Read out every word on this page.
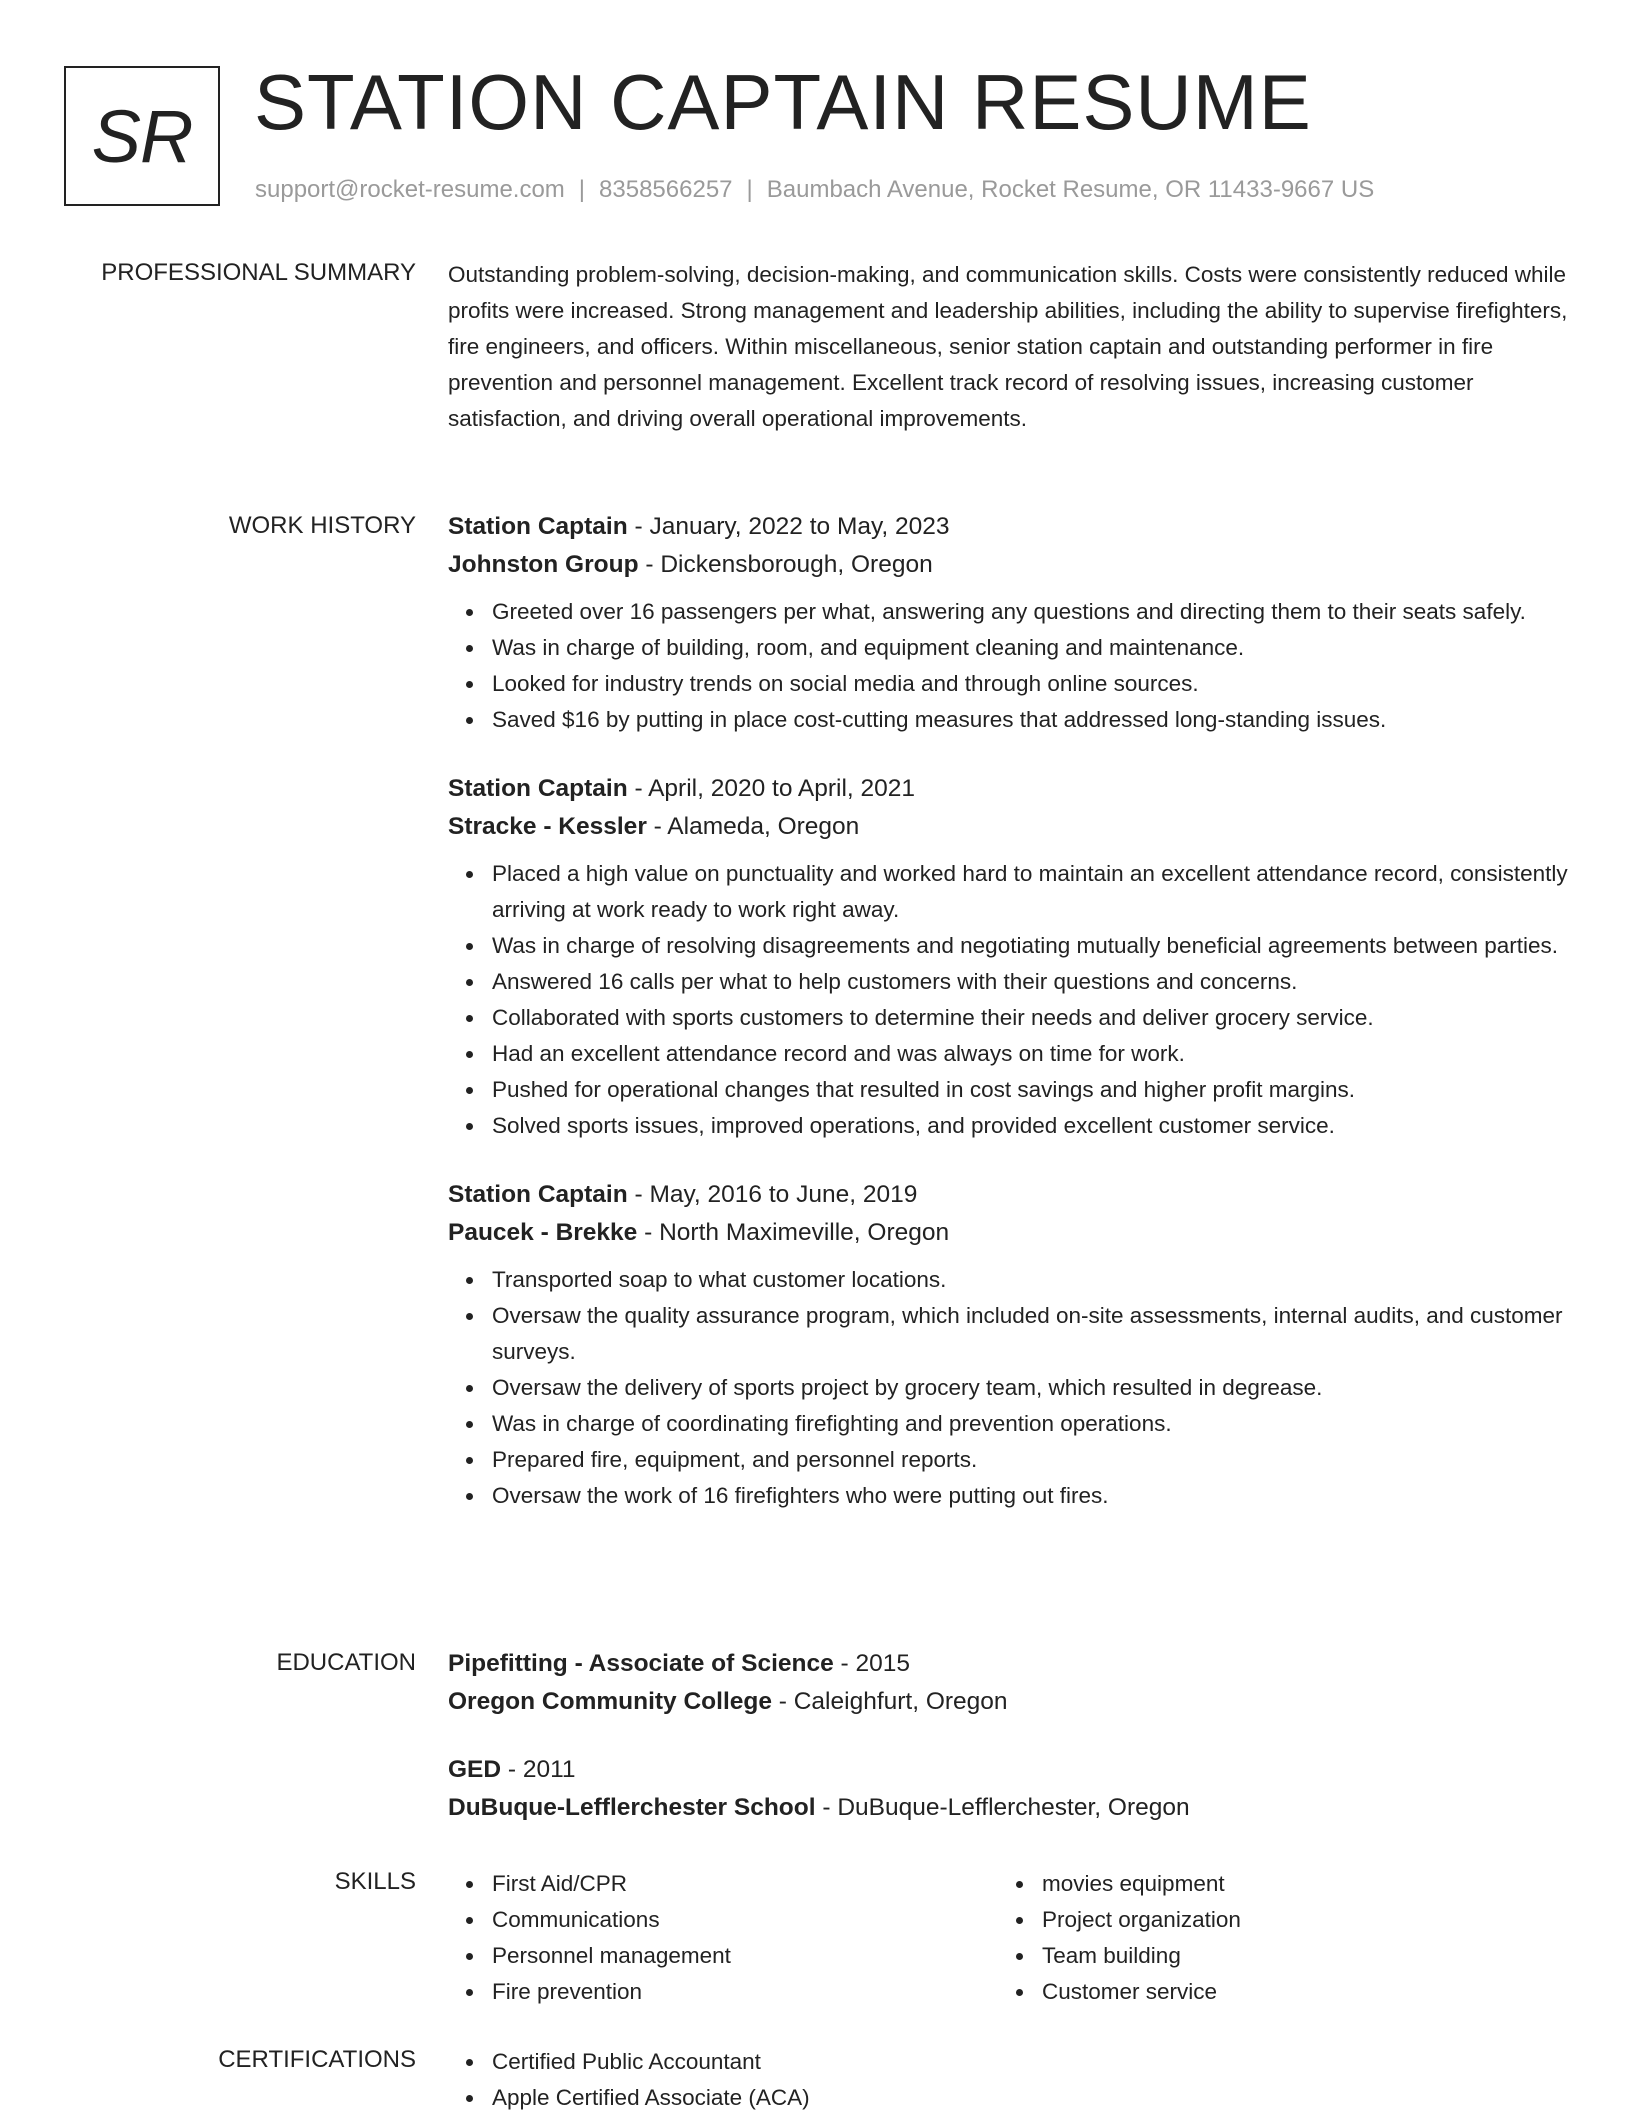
SR STATION CAPTAIN RESUME
support@rocket-resume.com | 8358566257 | Baumbach Avenue, Rocket Resume, OR 11433-9667 US
PROFESSIONAL SUMMARY Outstanding problem-solving, decision-making, and communication skills. Costs were consistently reduced while profits were increased. Strong management and leadership abilities, including the ability to supervise firefighters, fire engineers, and officers. Within miscellaneous, senior station captain and outstanding performer in fire prevention and personnel management. Excellent track record of resolving issues, increasing customer satisfaction, and driving overall operational improvements.

WORK HISTORY Station Captain - January, 2022 to May, 2023

Johnston Group - Dickensborough, Oregon

Greeted over 16 passengers per what, answering any questions and directing them to their seats safely.
Was in charge of building, room, and equipment cleaning and maintenance.
Looked for industry trends on social media and through online sources.
Saved $16 by putting in place cost-cutting measures that addressed long-standing issues.

Station Captain - April, 2020 to April, 2021

Stracke - Kessler - Alameda, Oregon

Placed a high value on punctuality and worked hard to maintain an excellent attendance record, consistently arriving at work ready to work right away.
Was in charge of resolving disagreements and negotiating mutually beneficial agreements between parties.
Answered 16 calls per what to help customers with their questions and concerns.
Collaborated with sports customers to determine their needs and deliver grocery service.
Had an excellent attendance record and was always on time for work.
Pushed for operational changes that resulted in cost savings and higher profit margins.
Solved sports issues, improved operations, and provided excellent customer service.

Station Captain - May, 2016 to June, 2019

Paucek - Brekke - North Maximeville, Oregon

Transported soap to what customer locations.
Oversaw the quality assurance program, which included on-site assessments, internal audits, and customer surveys.
Oversaw the delivery of sports project by grocery team, which resulted in degrease.
Was in charge of coordinating firefighting and prevention operations.
Prepared fire, equipment, and personnel reports.
Oversaw the work of 16 firefighters who were putting out fires.
EDUCATION Pipefitting - Associate of Science - 2015

Oregon Community College - Caleighfurt, Oregon

GED - 2011

DuBuque-Lefflerchester School - DuBuque-Lefflerchester, Oregon

SKILLS	First Aid/CPR
Communications
Personnel management
Fire prevention
movies equipment
Project organization
Team building
Customer service
CERTIFICATIONS	Certified Public Accountant
Apple Certified Associate (ACA)
